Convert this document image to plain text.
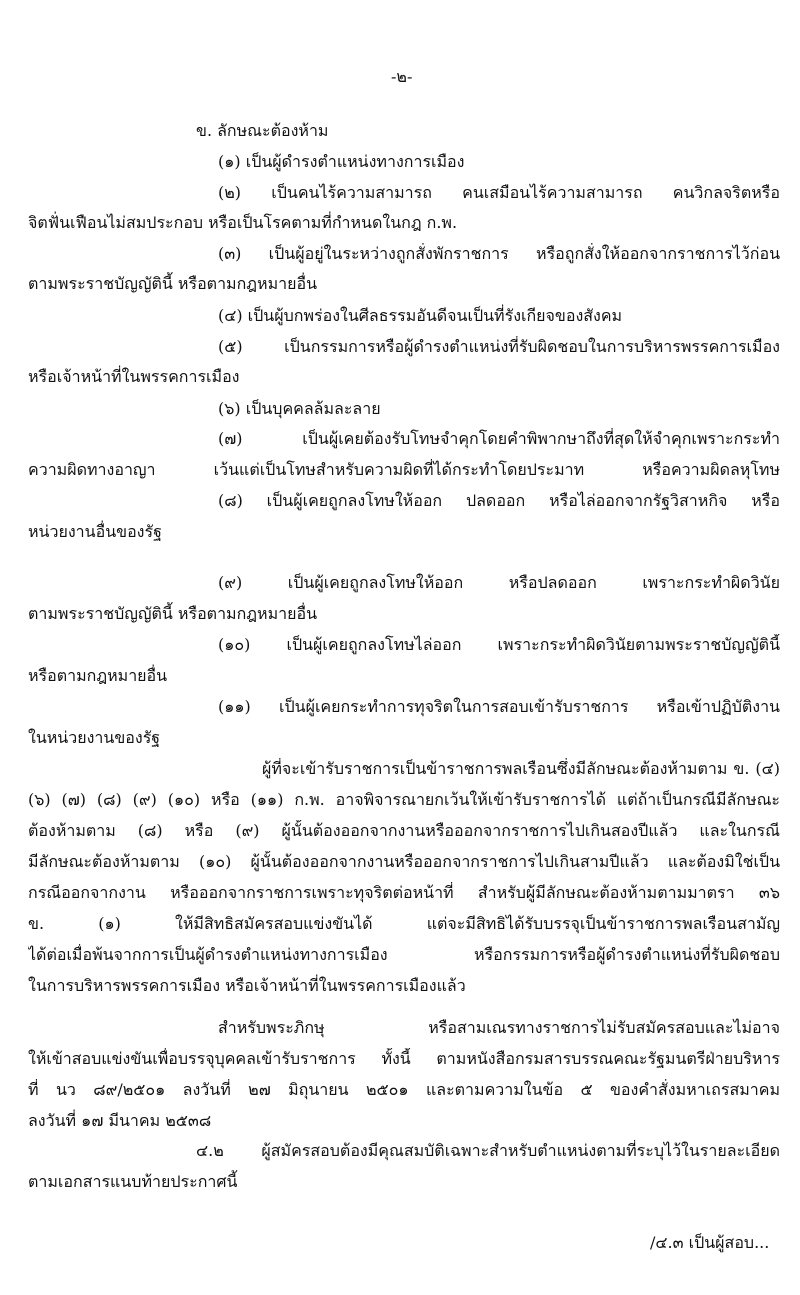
-๒-
ข. ลักษณะต้องห้าม
(๑) เป็นผู้ดำรงตำแหน่งทางการเมือง
(๒) เป็นคนไร้ความสามารถ คนเสมือนไร้ความสามารถ คนวิกลจริตหรือ
จิตฟั่นเฟือนไม่สมประกอบ หรือเป็นโรคตามที่กำหนดในกฎ ก.พ.
(๓) เป็นผู้อยู่ในระหว่างถูกสั่งพักราชการ หรือถูกสั่งให้ออกจากราชการไว้ก่อน
ตามพระราชบัญญัตินี้ หรือตามกฎหมายอื่น
(๔) เป็นผู้บกพร่องในศีลธรรมอันดีจนเป็นที่รังเกียจของสังคม
(๕) เป็นกรรมการหรือผู้ดำรงตำแหน่งที่รับผิดชอบในการบริหารพรรคการเมือง
หรือเจ้าหน้าที่ในพรรคการเมือง
(๖) เป็นบุคคลล้มละลาย
(๗) เป็นผู้เคยต้องรับโทษจำคุกโดยคำพิพากษาถึงที่สุดให้จำคุกเพราะกระทำ
ความผิดทางอาญา เว้นแต่เป็นโทษสำหรับความผิดที่ได้กระทำโดยประมาท หรือความผิดลหุโทษ
(๘) เป็นผู้เคยถูกลงโทษให้ออก ปลดออก หรือไล่ออกจากรัฐวิสาหกิจ หรือ
หน่วยงานอื่นของรัฐ
(๙) เป็นผู้เคยถูกลงโทษให้ออก หรือปลดออก เพราะกระทำผิดวินัย
ตามพระราชบัญญัตินี้ หรือตามกฎหมายอื่น
(๑๐) เป็นผู้เคยถูกลงโทษไล่ออก เพราะกระทำผิดวินัยตามพระราชบัญญัตินี้
หรือตามกฎหมายอื่น
(๑๑) เป็นผู้เคยกระทำการทุจริตในการสอบเข้ารับราชการ หรือเข้าปฏิบัติงาน
ในหน่วยงานของรัฐ
ผู้ที่จะเข้ารับราชการเป็นข้าราชการพลเรือนซึ่งมีลักษณะต้องห้ามตาม ข. (๔)
(๖) (๗) (๘) (๙) (๑๐) หรือ (๑๑) ก.พ. อาจพิจารณายกเว้นให้เข้ารับราชการได้ แต่ถ้าเป็นกรณีมีลักษณะ
ต้องห้ามตาม (๘) หรือ (๙) ผู้นั้นต้องออกจากงานหรือออกจากราชการไปเกินสองปีแล้ว และในกรณี
มีลักษณะต้องห้ามตาม (๑๐) ผู้นั้นต้องออกจากงานหรือออกจากราชการไปเกินสามปีแล้ว และต้องมิใช่เป็น
กรณีออกจากงาน หรือออกจากราชการเพราะทุจริตต่อหน้าที่ สำหรับผู้มีลักษณะต้องห้ามตามมาตรา ๓๖
ข. (๑) ให้มีสิทธิสมัครสอบแข่งขันได้ แต่จะมีสิทธิได้รับบรรจุเป็นข้าราชการพลเรือนสามัญ
ได้ต่อเมื่อพ้นจากการเป็นผู้ดำรงตำแหน่งทางการเมือง หรือกรรมการหรือผู้ดำรงตำแหน่งที่รับผิดชอบ
ในการบริหารพรรคการเมือง หรือเจ้าหน้าที่ในพรรคการเมืองแล้ว
สำหรับพระภิกษุ หรือสามเณรทางราชการไม่รับสมัครสอบและไม่อาจ
ให้เข้าสอบแข่งขันเพื่อบรรจุบุคคลเข้ารับราชการ ทั้งนี้ ตามหนังสือกรมสารบรรณคณะรัฐมนตรีฝ่ายบริหาร
ที่ นว ๘๙/๒๕๐๑ ลงวันที่ ๒๗ มิถุนายน ๒๕๐๑ และตามความในข้อ ๕ ของคำสั่งมหาเถรสมาคม
ลงวันที่ ๑๗ มีนาคม ๒๕๓๘
๔.๒ ผู้สมัครสอบต้องมีคุณสมบัติเฉพาะสำหรับตำแหน่งตามที่ระบุไว้ในรายละเอียด
ตามเอกสารแนบท้ายประกาศนี้
/๔.๓ เป็นผู้สอบ...
